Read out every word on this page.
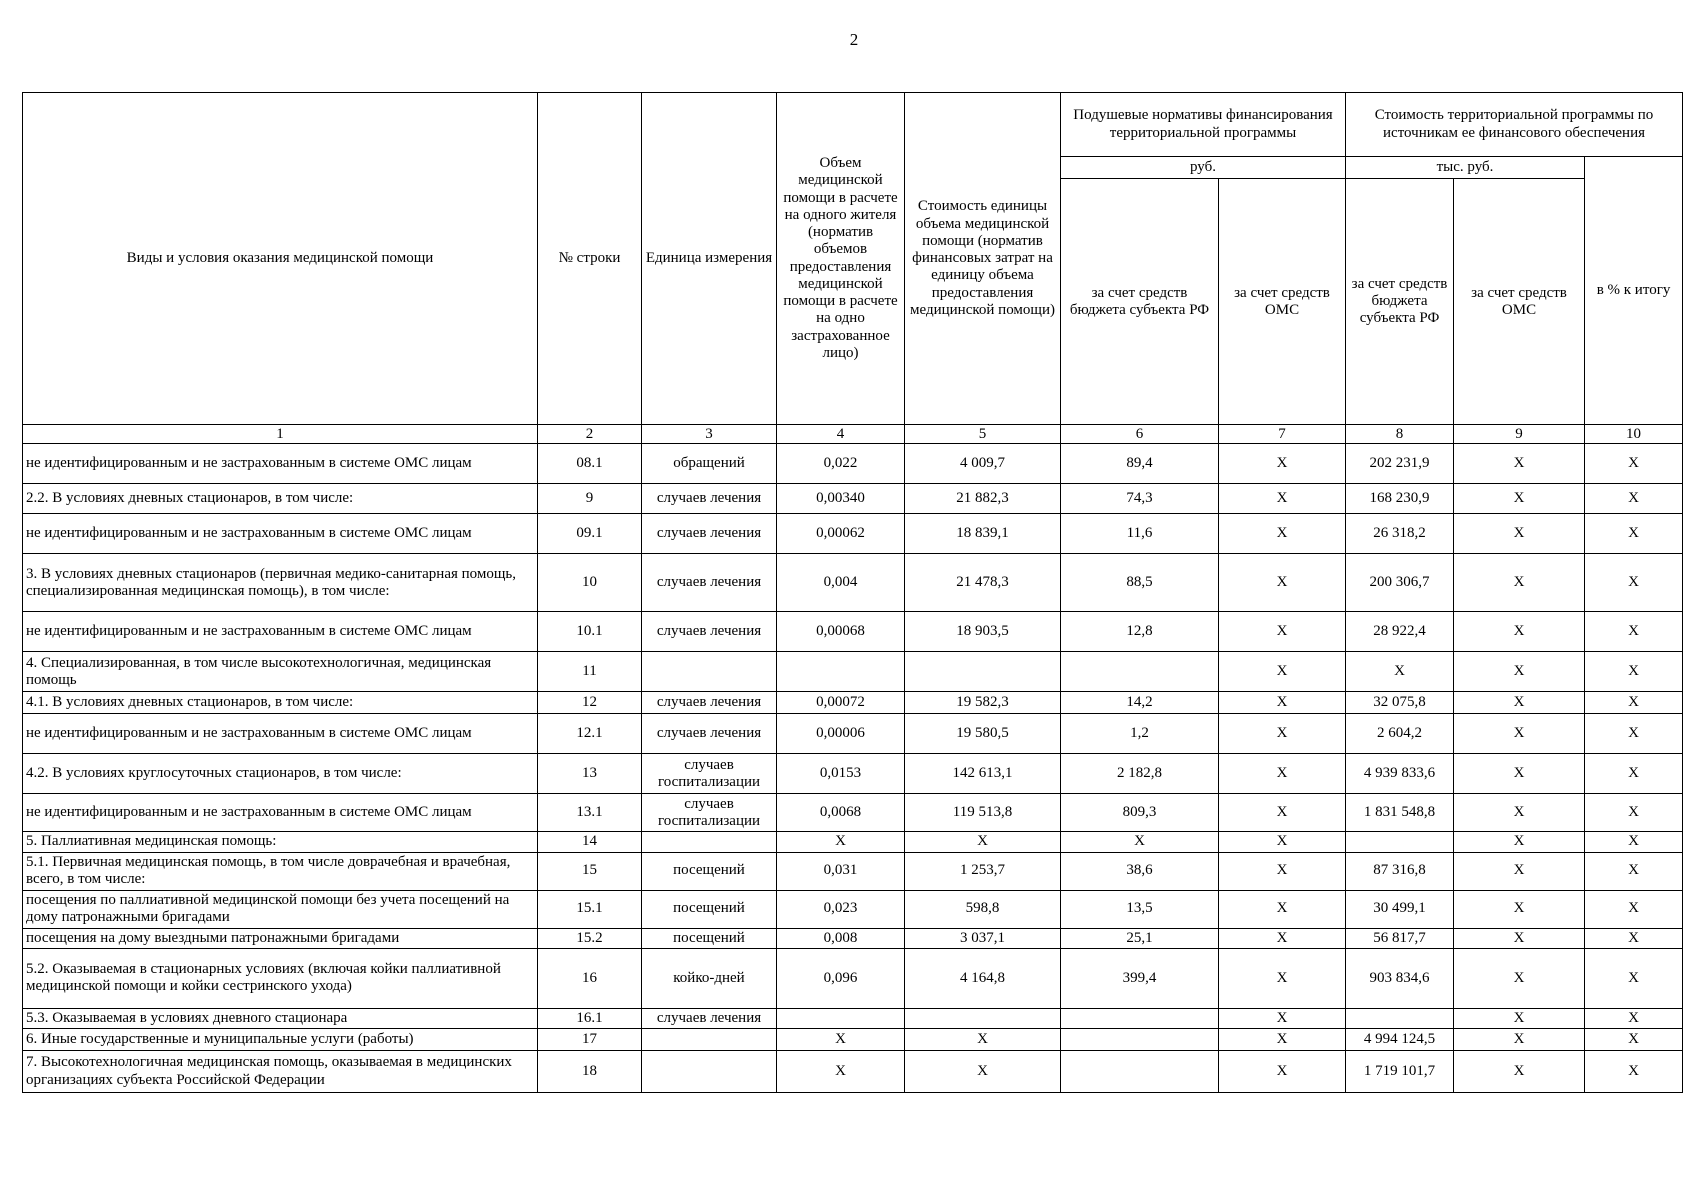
2
Виды и условия оказания медицинской помощи	№ строки	Единица измерения	Объем медицинской помощи в расчете на одного жителя (норматив объемов предоставления медицинской помощи в расчете на одно застрахованное лицо)	Стоимость единицы объема медицинской помощи (норматив финансовых затрат на единицу объема предоставления медицинской помощи)	Подушевые нормативы финансирования территориальной программы		Стоимость территориальной программы по источникам ее финансового обеспечения		
					руб.		тыс. руб.		в % к итогу
					за счет средств бюджета субъекта РФ	за счет средств ОМС	за счет средств бюджета субъекта РФ	за счет средств ОМС	
1	2	3	4	5	6	7	8	9	10
не идентифицированным и не застрахованным в системе ОМС лицам	08.1	обращений	0,022	4 009,7	89,4	X	202 231,9	X	X
2.2. В условиях дневных стационаров, в том числе:	9	случаев лечения	0,00340	21 882,3	74,3	X	168 230,9	X	X
не идентифицированным и не застрахованным в системе ОМС лицам	09.1	случаев лечения	0,00062	18 839,1	11,6	X	26 318,2	X	X
3. В условиях дневных стационаров (первичная медико-санитарная помощь, специализированная медицинская помощь), в том числе:	10	случаев лечения	0,004	21 478,3	88,5	X	200 306,7	X	X
не идентифицированным и не застрахованным в системе ОМС лицам	10.1	случаев лечения	0,00068	18 903,5	12,8	X	28 922,4	X	X
4. Специализированная, в том числе высокотехнологичная, медицинская помощь	11					X	X	X	X
4.1. В условиях дневных стационаров, в том числе:	12	случаев лечения	0,00072	19 582,3	14,2	X	32 075,8	X	X
не идентифицированным и не застрахованным в системе ОМС лицам	12.1	случаев лечения	0,00006	19 580,5	1,2	X	2 604,2	X	X
4.2. В условиях круглосуточных стационаров, в том числе:	13	случаев госпитализации	0,0153	142 613,1	2 182,8	X	4 939 833,6	X	X
не идентифицированным и не застрахованным в системе ОМС лицам	13.1	случаев госпитализации	0,0068	119 513,8	809,3	X	1 831 548,8	X	X
5. Паллиативная медицинская помощь:	14		X	X	X	X		X	X
5.1. Первичная медицинская помощь, в том числе доврачебная и врачебная, всего, в том числе:	15	посещений	0,031	1 253,7	38,6	X	87 316,8	X	X
посещения по паллиативной медицинской помощи без учета посещений на дому патронажными бригадами	15.1	посещений	0,023	598,8	13,5	X	30 499,1	X	X
посещения на дому выездными патронажными бригадами	15.2	посещений	0,008	3 037,1	25,1	X	56 817,7	X	X
5.2. Оказываемая в стационарных условиях (включая койки паллиативной медицинской помощи и койки сестринского ухода)	16	койко-дней	0,096	4 164,8	399,4	X	903 834,6	X	X
5.3. Оказываемая в условиях дневного стационара	16.1	случаев лечения				X		X	X
6. Иные государственные и муниципальные услуги (работы)	17		X	X		X	4 994 124,5	X	X
7. Высокотехнологичная медицинская помощь, оказываемая в медицинских организациях субъекта Российской Федерации	18		X	X		X	1 719 101,7	X	X
